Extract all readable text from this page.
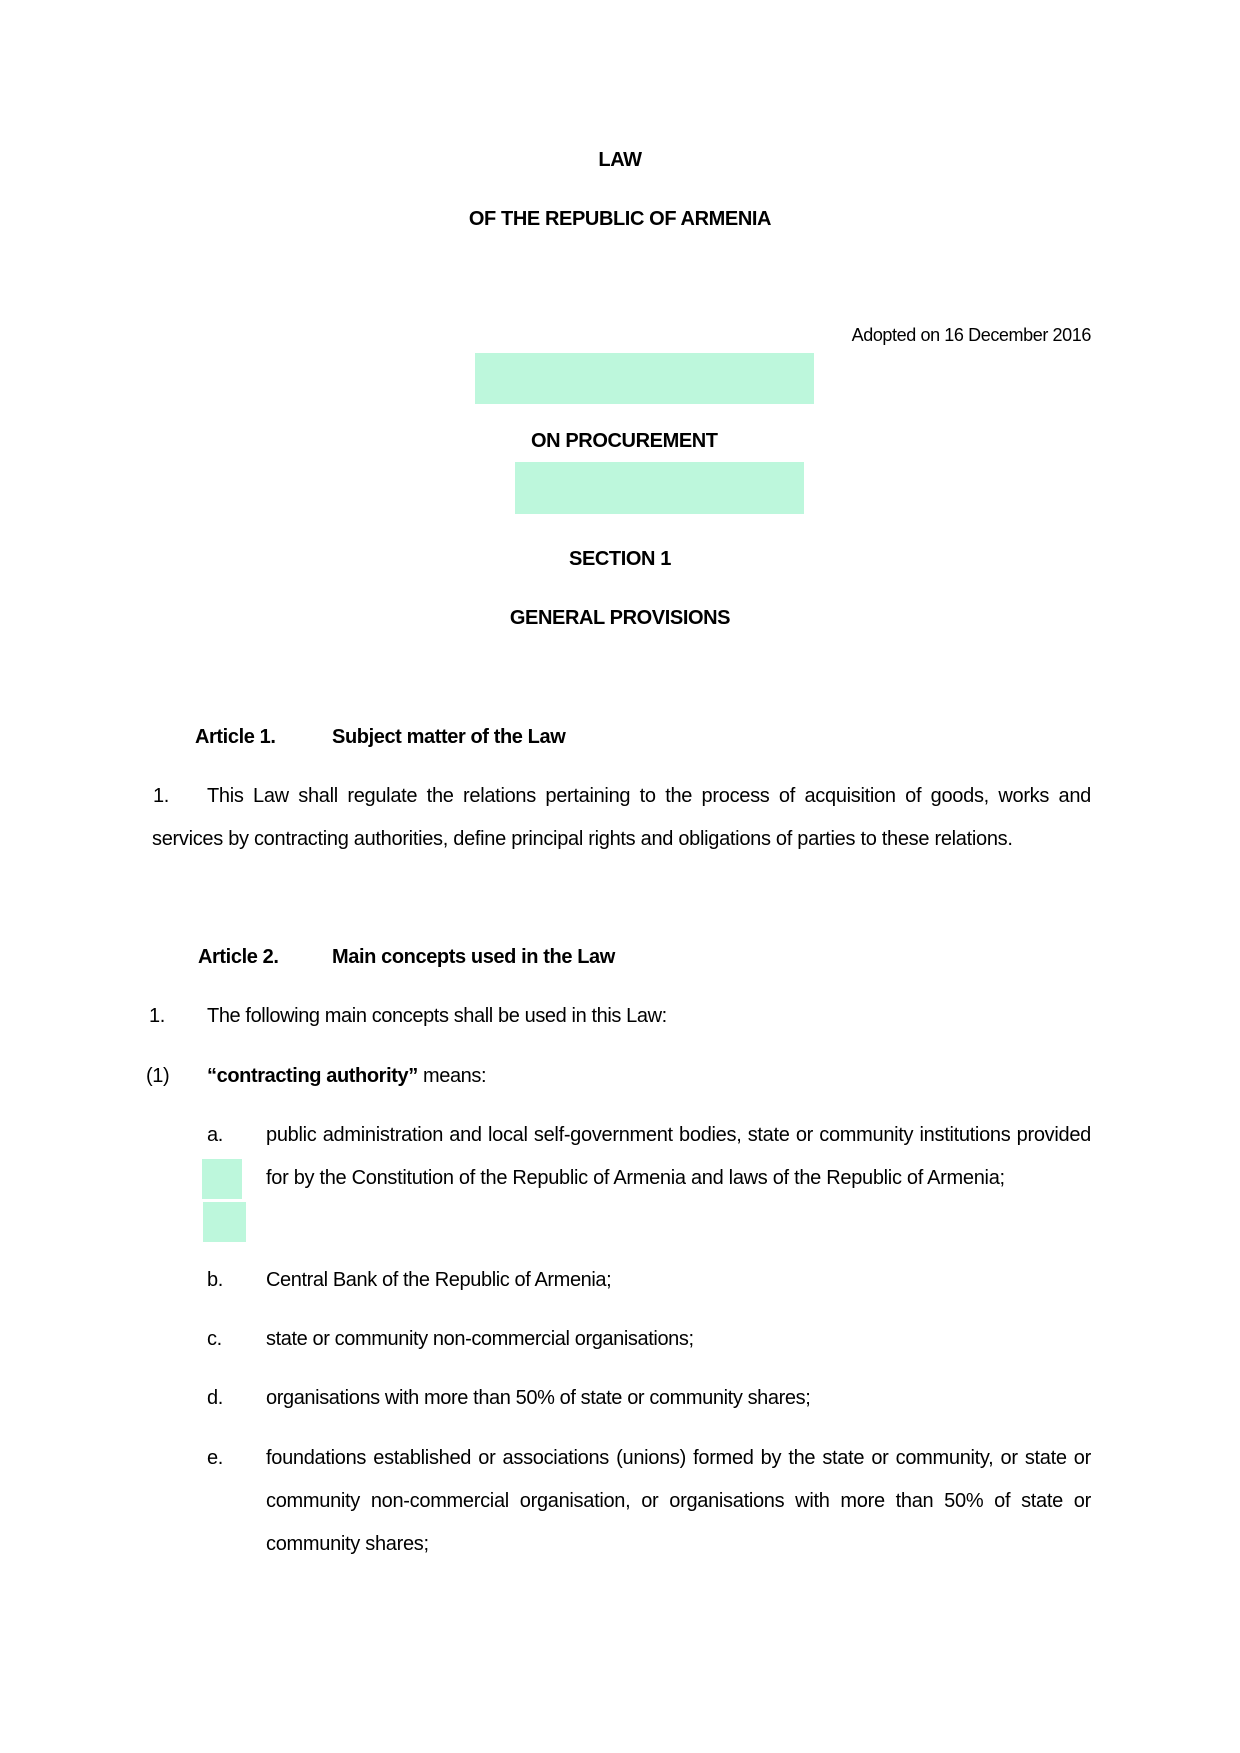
LAW
OF THE REPUBLIC OF ARMENIA
Adopted on 16 December 2016
ON PROCUREMENT
SECTION 1
GENERAL PROVISIONS
Article 1.	Subject matter of the Law
1.	This Law shall regulate the relations pertaining to the process of acquisition of goods, works and services by contracting authorities, define principal rights and obligations of parties to these relations.
Article 2.	Main concepts used in the Law
1. The following main concepts shall be used in this Law:
(1) “contracting authority” means:
a. public administration and local self-government bodies, state or community institutions provided for by the Constitution of the Republic of Armenia and laws of the Republic of Armenia;
b. Central Bank of the Republic of Armenia;
c. state or community non-commercial organisations;
d. organisations with more than 50% of state or community shares;
e. foundations established or associations (unions) formed by the state or community, or state or community non-commercial organisation, or organisations with more than 50% of state or community shares;
